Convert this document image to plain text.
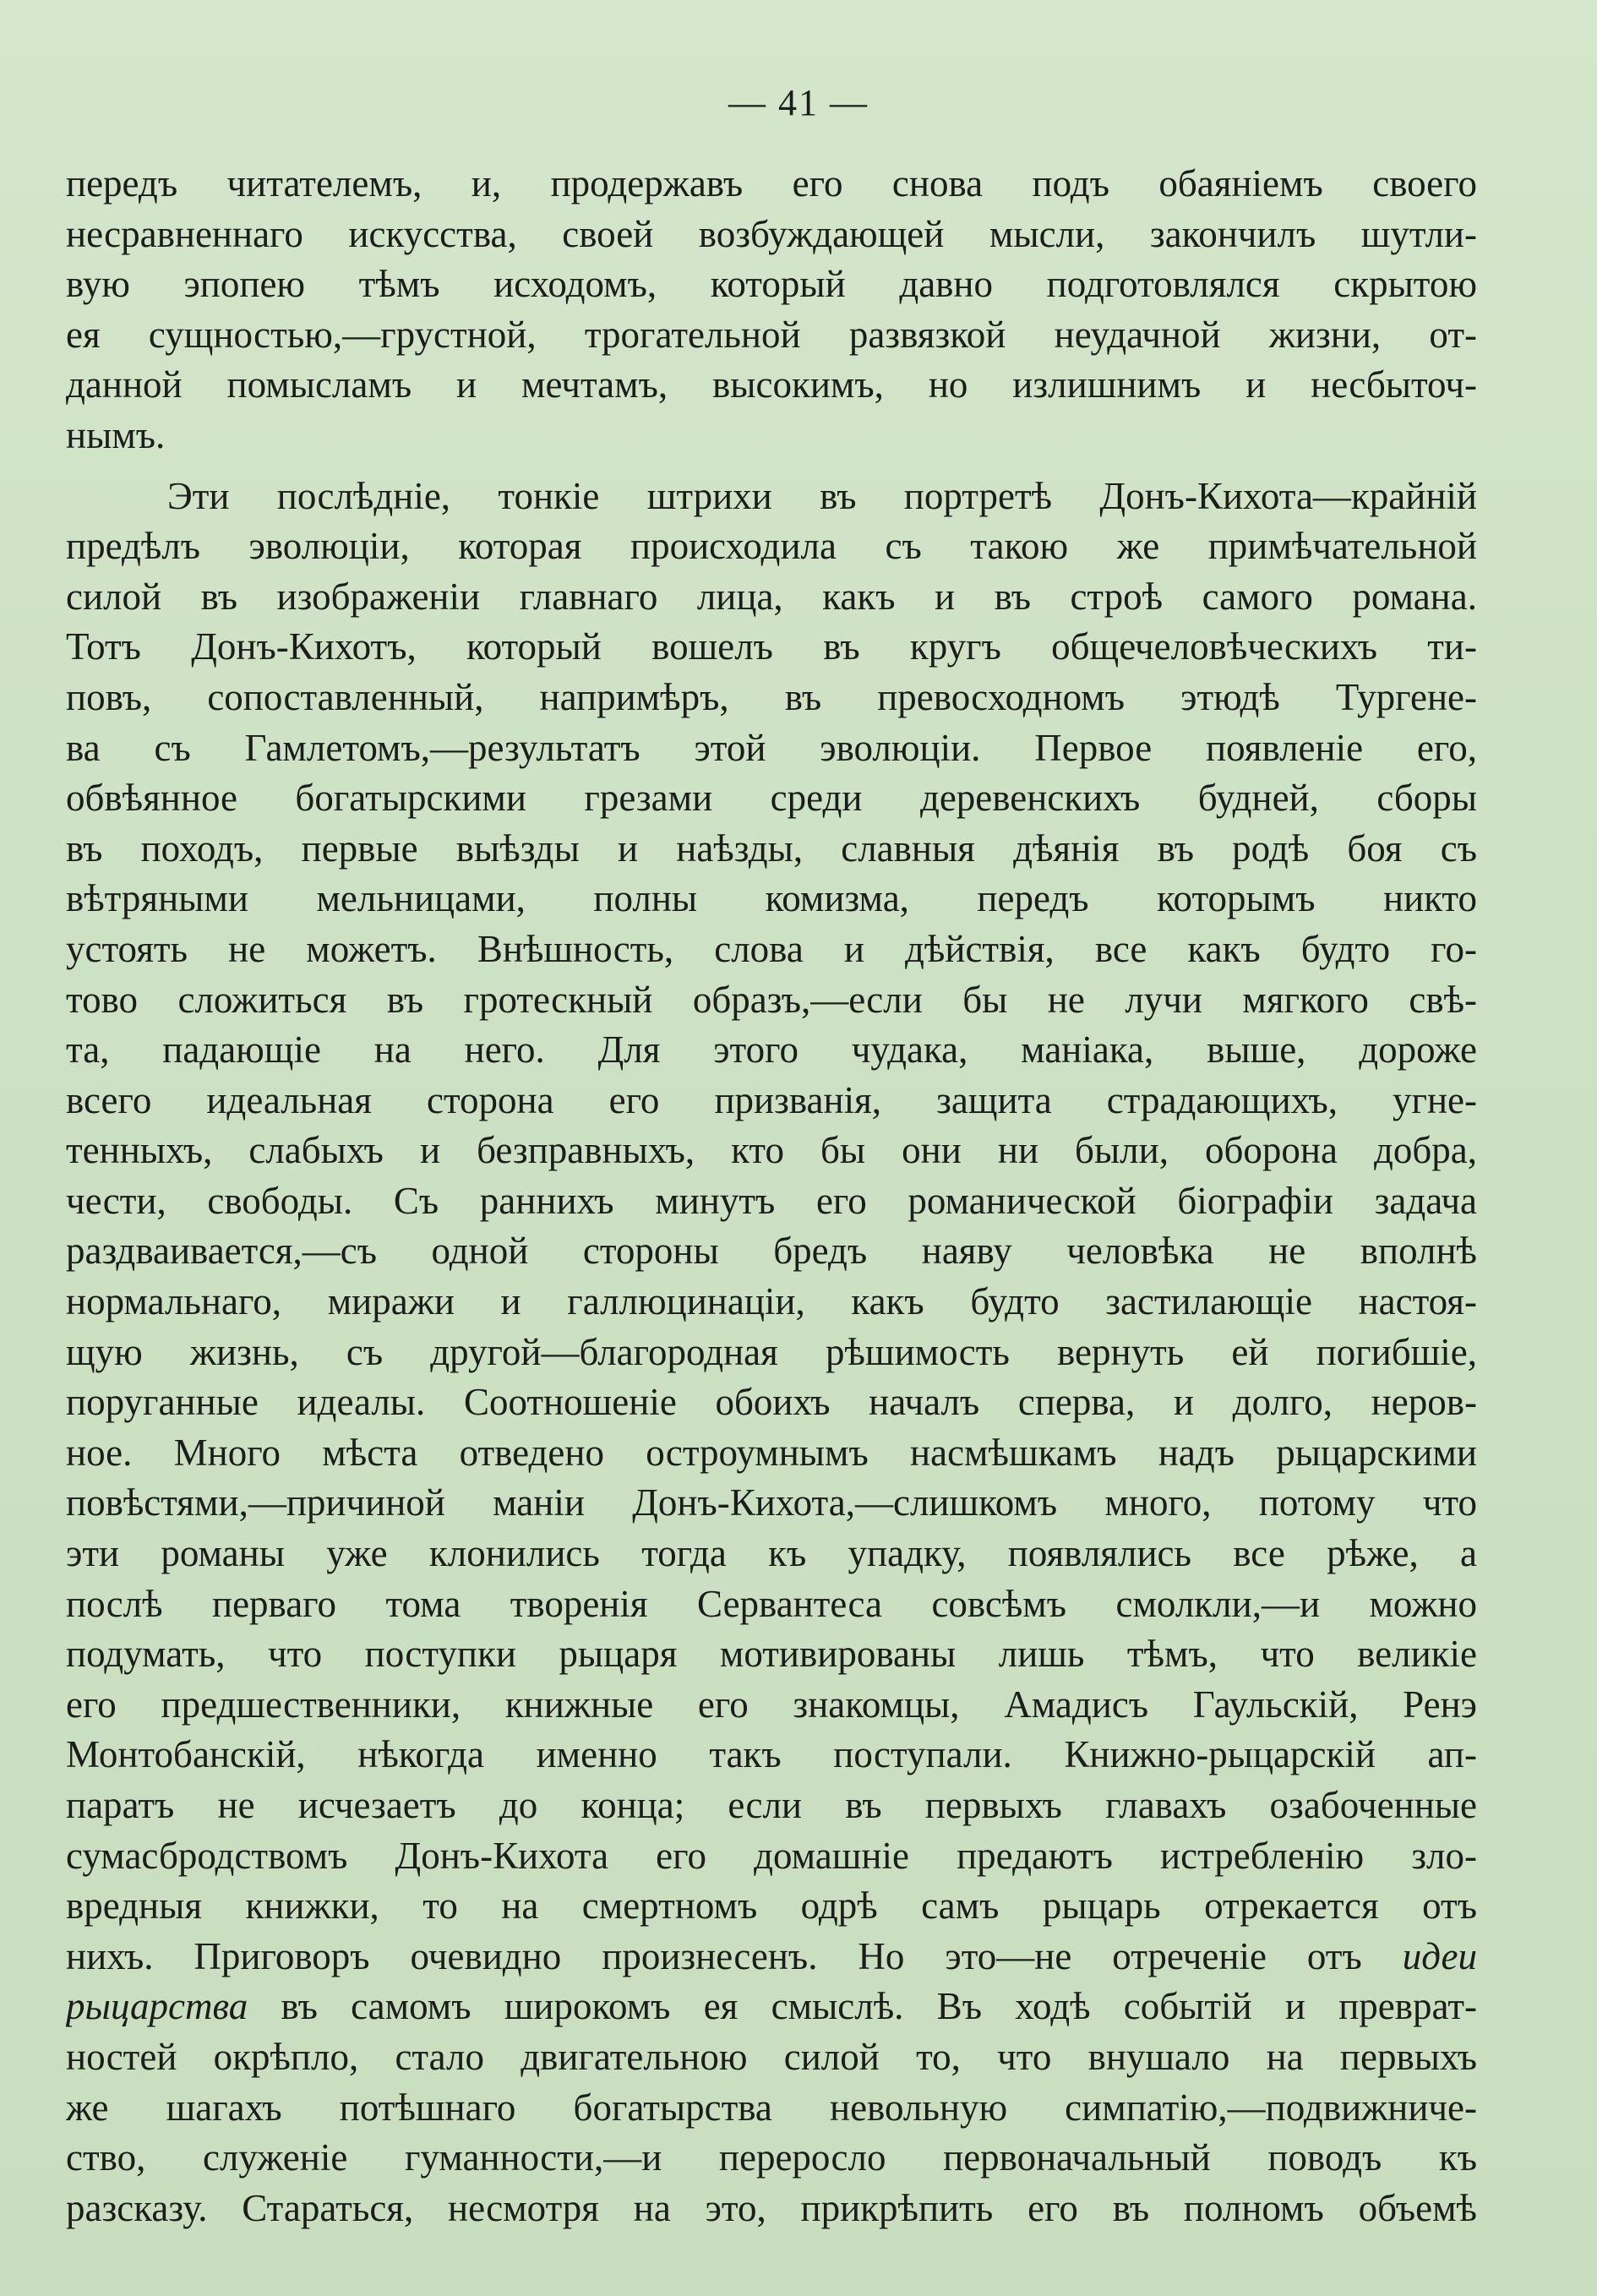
— 41 —
передъ читателемъ, и, продержавъ его снова подъ обаяніемъ своего
несравненнаго искусства, своей возбуждающей мысли, закончилъ шутли-
вую эпопею тѣмъ исходомъ, который давно подготовлялся скрытою
ея сущностью,—грустной, трогательной развязкой неудачной жизни, от-
данной помысламъ и мечтамъ, высокимъ, но излишнимъ и несбыточ-
нымъ.
Эти послѣдніе, тонкіе штрихи въ портретѣ Донъ-Кихота—крайній
предѣлъ эволюціи, которая происходила съ такою же примѣчательной
силой въ изображеніи главнаго лица, какъ и въ строѣ самого романа.
Тотъ Донъ-Кихотъ, который вошелъ въ кругъ общечеловѣческихъ ти-
повъ, сопоставленный, напримѣръ, въ превосходномъ этюдѣ Тургене-
ва съ Гамлетомъ,—результатъ этой эволюціи. Первое появленіе его,
обвѣянное богатырскими грезами среди деревенскихъ будней, сборы
въ походъ, первые выѣзды и наѣзды, славныя дѣянія въ родѣ боя съ
вѣтряными мельницами, полны комизма, передъ которымъ никто
устоять не можетъ. Внѣшность, слова и дѣйствія, все какъ будто го-
тово сложиться въ гротескный образъ,—если бы не лучи мягкого свѣ-
та, падающіе на него. Для этого чудака, маніака, выше, дороже
всего идеальная сторона его призванія, защита страдающихъ, угне-
тенныхъ, слабыхъ и безправныхъ, кто бы они ни были, оборона добра,
чести, свободы. Съ раннихъ минутъ его романической біографіи задача
раздваивается,—съ одной стороны бредъ наяву человѣка не вполнѣ
нормальнаго, миражи и галлюцинаціи, какъ будто застилающіе настоя-
щую жизнь, съ другой—благородная рѣшимость вернуть ей погибшіе,
поруганные идеалы. Соотношеніе обоихъ началъ сперва, и долго, неров-
ное. Много мѣста отведено остроумнымъ насмѣшкамъ надъ рыцарскими
повѣстями,—причиной маніи Донъ-Кихота,—слишкомъ много, потому что
эти романы уже клонились тогда къ упадку, появлялись все рѣже, а
послѣ перваго тома творенія Сервантеса совсѣмъ смолкли,—и можно
подумать, что поступки рыцаря мотивированы лишь тѣмъ, что великіе
его предшественники, книжные его знакомцы, Амадисъ Гаульскій, Ренэ
Монтобанскій, нѣкогда именно такъ поступали. Книжно-рыцарскій ап-
паратъ не исчезаетъ до конца; если въ первыхъ главахъ озабоченные
сумасбродствомъ Донъ-Кихота его домашніе предаютъ истребленію зло-
вредныя книжки, то на смертномъ одрѣ самъ рыцарь отрекается отъ
нихъ. Приговоръ очевидно произнесенъ. Но это—не отреченіе отъ идеи
рыцарства въ самомъ широкомъ ея смыслѣ. Въ ходѣ событій и преврат-
ностей окрѣпло, стало двигательною силой то, что внушало на первыхъ
же шагахъ потѣшнаго богатырства невольную симпатію,—подвижниче-
ство, служеніе гуманности,—и переросло первоначальный поводъ къ
разсказу. Стараться, несмотря на это, прикрѣпить его въ полномъ объемѣ
